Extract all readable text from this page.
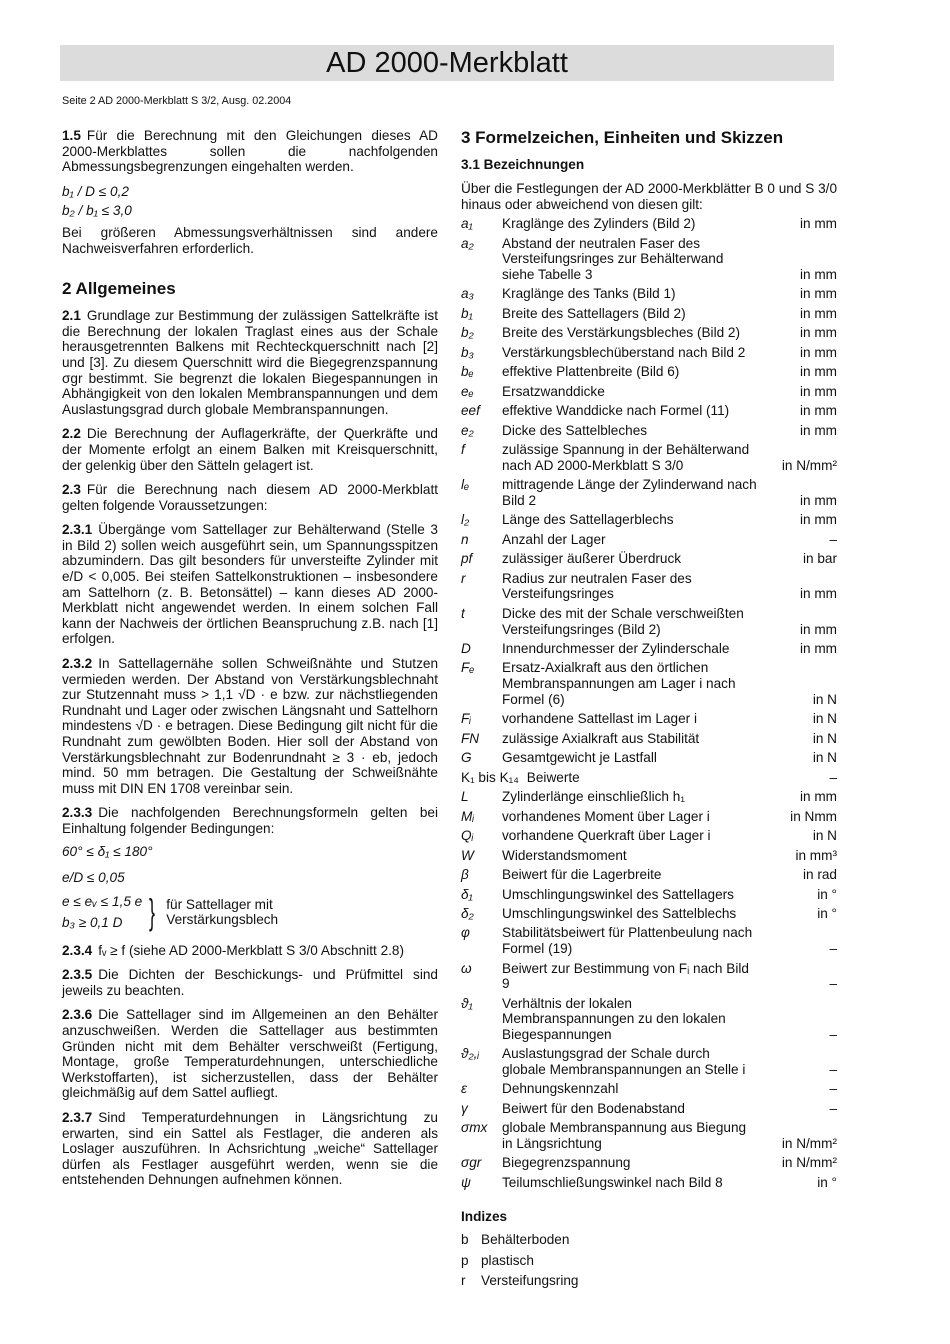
AD 2000-Merkblatt
Seite 2 AD 2000-Merkblatt S 3/2, Ausg. 02.2004

1.5 Für die Berechnung mit den Gleichungen dieses AD 2000-Merkblattes sollen die nachfolgenden Abmessungsbegrenzungen eingehalten werden.

b₁ / D ≤ 0,2
b₂ / b₁ ≤ 3,0

Bei größeren Abmessungsverhältnissen sind andere Nachweisverfahren erforderlich.

2 Allgemeines

2.1 Grundlage zur Bestimmung der zulässigen Sattelkräfte ist die Berechnung der lokalen Traglast eines aus der Schale herausgetrennten Balkens mit Rechteckquerschnitt nach [2] und [3]. Zu diesem Querschnitt wird die Biegegrenzspannung σgr bestimmt. Sie begrenzt die lokalen Biegespannungen in Abhängigkeit von den lokalen Membranspannungen und dem Auslastungsgrad durch globale Membranspannungen.

2.2 Die Berechnung der Auflagerkräfte, der Querkräfte und der Momente erfolgt an einem Balken mit Kreisquerschnitt, der gelenkig über den Sätteln gelagert ist.

2.3 Für die Berechnung nach diesem AD 2000-Merkblatt gelten folgende Voraussetzungen:

2.3.1 Übergänge vom Sattellager zur Behälterwand (Stelle 3 in Bild 2) sollen weich ausgeführt sein, um Spannungsspitzen abzumindern. Das gilt besonders für unversteifte Zylinder mit e/D < 0,005. Bei steifen Sattelkonstruktionen – insbesondere am Sattelhorn (z. B. Betonsättel) – kann dieses AD 2000-Merkblatt nicht angewendet werden. In einem solchen Fall kann der Nachweis der örtlichen Beanspruchung z.B. nach [1] erfolgen.

2.3.2 In Sattellagernähe sollen Schweißnähte und Stutzen vermieden werden. Der Abstand von Verstärkungsblechnaht zur Stutzennaht muss > 1,1 √D · e bzw. zur nächstliegenden Rundnaht und Lager oder zwischen Längsnaht und Sattelhorn mindestens √D · e betragen. Diese Bedingung gilt nicht für die Rundnaht zum gewölbten Boden. Hier soll der Abstand von Verstärkungsblechnaht zur Bodenrundnaht ≥ 3 · eb, jedoch mind. 50 mm betragen. Die Gestaltung der Schweißnähte muss mit DIN EN 1708 vereinbar sein.

2.3.3 Die nachfolgenden Berechnungsformeln gelten bei Einhaltung folgender Bedingungen:

60° ≤ δ₁ ≤ 180°
e/D ≤ 0,05
e ≤ eᵥ ≤ 1,5 e
b₃ ≥ 0,1 D } für Sattellager mit
Verstärkungsblech

2.3.4 fᵥ ≥ f (siehe AD 2000-Merkblatt S 3/0 Abschnitt 2.8)

2.3.5 Die Dichten der Beschickungs- und Prüfmittel sind jeweils zu beachten.

2.3.6 Die Sattellager sind im Allgemeinen an den Behälter anzuschweißen. Werden die Sattellager aus bestimmten Gründen nicht mit dem Behälter verschweißt (Fertigung, Montage, große Temperaturdehnungen, unterschiedliche Werkstoffarten), ist sicherzustellen, dass der Behälter gleichmäßig auf dem Sattel aufliegt.

2.3.7 Sind Temperaturdehnungen in Längsrichtung zu erwarten, sind ein Sattel als Festlager, die anderen als Loslager auszuführen. In Achsrichtung „weiche“ Sattellager dürfen als Festlager ausgeführt werden, wenn sie die entstehenden Dehnungen aufnehmen können.

3 Formelzeichen, Einheiten und Skizzen
3.1 Bezeichnungen

Über die Festlegungen der AD 2000-Merkblätter B 0 und S 3/0 hinaus oder abweichend von diesen gilt:

a₁	Kraglänge des Zylinders (Bild 2)	in mm
a₂	Abstand der neutralen Faser des Versteifungsringes zur Behälterwand siehe Tabelle 3	in mm
a₃	Kraglänge des Tanks (Bild 1)	in mm
b₁	Breite des Sattellagers (Bild 2)	in mm
b₂	Breite des Verstärkungsbleches (Bild 2)	in mm
b₃	Verstärkungsblechüberstand nach Bild 2	in mm
bₑ	effektive Plattenbreite (Bild 6)	in mm
eₑ	Ersatzwanddicke	in mm
eef	effektive Wanddicke nach Formel (11)	in mm
e₂	Dicke des Sattelbleches	in mm
f	zulässige Spannung in der Behälterwand nach AD 2000-Merkblatt S 3/0	in N/mm²
lₑ	mittragende Länge der Zylinderwand nach Bild 2	in mm
l₂	Länge des Sattellagerblechs	in mm
n	Anzahl der Lager	–
pf	zulässiger äußerer Überdruck	in bar
r	Radius zur neutralen Faser des Versteifungsringes	in mm
t	Dicke des mit der Schale verschweißten Versteifungsringes (Bild 2)	in mm
D	Innendurchmesser der Zylinderschale	in mm
Fₑ	Ersatz-Axialkraft aus den örtlichen Membranspannungen am Lager i nach Formel (6)	in N
Fᵢ	vorhandene Sattellast im Lager i	in N
FN	zulässige Axialkraft aus Stabilität	in N
G	Gesamtgewicht je Lastfall	in N
K₁ bis K₁₄ Beiwerte	–
L	Zylinderlänge einschließlich h₁	in mm
Mᵢ	vorhandenes Moment über Lager i	in Nmm
Qᵢ	vorhandene Querkraft über Lager i	in N
W	Widerstandsmoment	in mm³
β	Beiwert für die Lagerbreite	in rad
δ₁	Umschlingungswinkel des Sattellagers	in °
δ₂	Umschlingungswinkel des Sattelblechs	in °
φ	Stabilitätsbeiwert für Plattenbeulung nach Formel (19)	–
ω	Beiwert zur Bestimmung von Fᵢ nach Bild 9	–
ϑ₁	Verhältnis der lokalen Membranspannungen zu den lokalen Biegespannungen	–
ϑ₂,ᵢ	Auslastungsgrad der Schale durch globale Membranspannungen an Stelle i	–
ε	Dehnungskennzahl	–
γ	Beiwert für den Bodenabstand	–
σmx	globale Membranspannung aus Biegung in Längsrichtung	in N/mm²
σgr	Biegegrenzspannung	in N/mm²
ψ	Teilumschließungswinkel nach Bild 8	in °
Indizes
b Behälterboden
p plastisch
r	Versteifungsring
